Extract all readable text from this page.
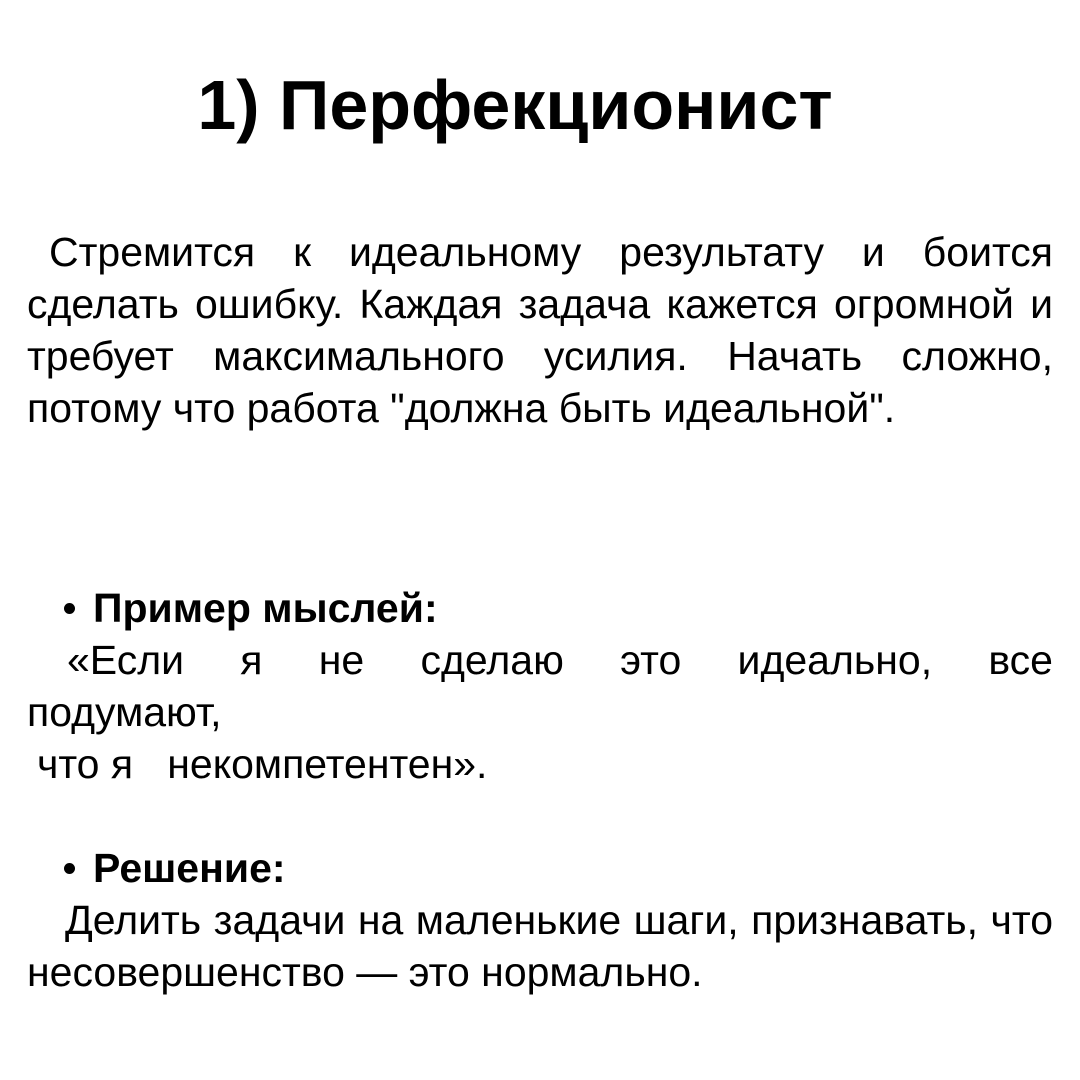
1) Перфекционист

Стремится к идеальному результату и боится сделать ошибку. Каждая задача кажется огромной и требует максимального усилия. Начать сложно, потому что работа "должна быть идеальной".

Пример мыслей:
«Если я не сделаю это идеально, все
подумают,
что я   некомпетентен».
Решение:

Делить задачи на маленькие шаги, признавать, что несовершенство — это нормально.
